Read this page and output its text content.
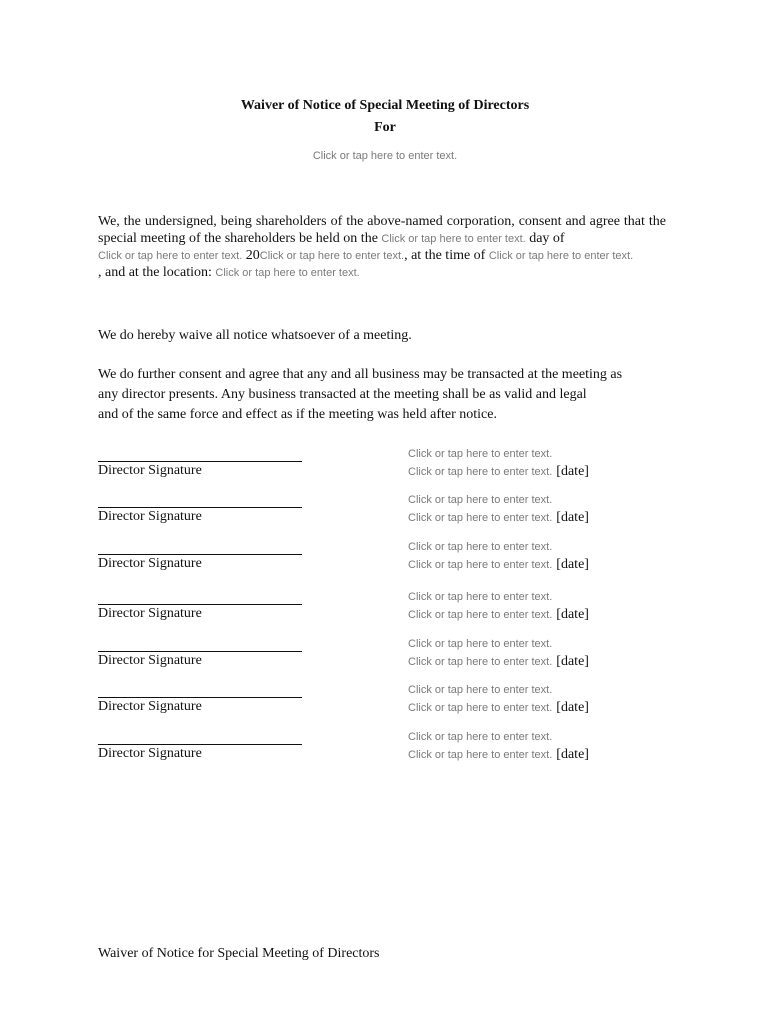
Waiver of Notice of Special Meeting of Directors
For
Click or tap here to enter text.
We, the undersigned, being shareholders of the above-named corporation, consent and agree that the special meeting of the shareholders be held on the Click or tap here to enter text. day of
Click or tap here to enter text. 20Click or tap here to enter text., at the time of Click or tap here to enter text.
, and at the location: Click or tap here to enter text.
We do hereby waive all notice whatsoever of a meeting.
We do further consent and agree that any and all business may be transacted at the meeting as
any director presents. Any business transacted at the meeting shall be as valid and legal
and of the same force and effect as if the meeting was held after notice.
Director Signature
Click or tap here to enter text.
Click or tap here to enter text. [date]
Director Signature
Click or tap here to enter text.
Click or tap here to enter text. [date]
Director Signature
Click or tap here to enter text.
Click or tap here to enter text. [date]
Director Signature
Click or tap here to enter text.
Click or tap here to enter text. [date]
Director Signature
Click or tap here to enter text.
Click or tap here to enter text. [date]
Director Signature
Click or tap here to enter text.
Click or tap here to enter text. [date]
Director Signature
Click or tap here to enter text.
Click or tap here to enter text. [date]
Waiver of Notice for Special Meeting of Directors
